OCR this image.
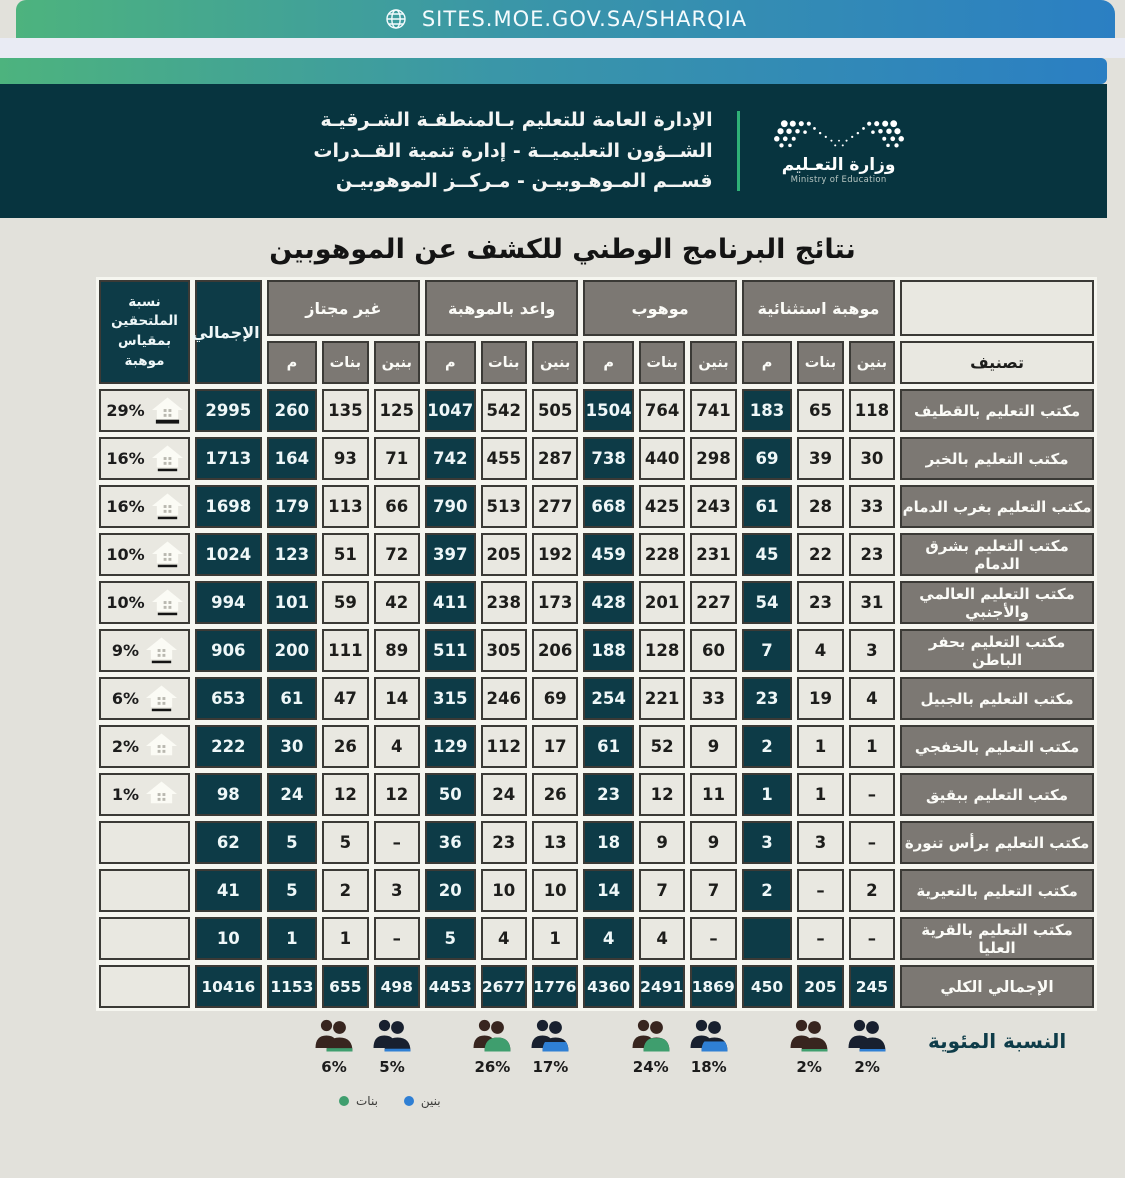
SITES.MOE.GOV.SA/SHARQIA
وزارة التعـليم
Ministry of Education
الإدارة العامة للتعليم بـالمنطقـة الشـرقيـة
الشــؤون التعليميــة - إدارة تنمية القــدرات
قســم المـوهـوبيـن - مـركــز الموهوبيـن
نتائج البرنامج الوطني للكشف عن الموهوبين
	موهبة استثنائية			موهوب			واعد بالموهبة			غير مجتاز			الإجمالي	نسبة الملتحقين بمقياس موهبة
تصنيف	بنين	بنات	م	بنين	بنات	م	بنين	بنات	م	بنين	بنات	م		
مكتب التعليم بالقطيف	118	65	183	741	764	1504	505	542	1047	125	135	260	2995	29%

مكتب التعليم بالخبر	30	39	69	298	440	738	287	455	742	71	93	164	1713	16%

مكتب التعليم بغرب الدمام	33	28	61	243	425	668	277	513	790	66	113	179	1698	16%

مكتب التعليم بشرق الدمام	23	22	45	231	228	459	192	205	397	72	51	123	1024	10%

مكتب التعليم العالمي والأجنبي	31	23	54	227	201	428	173	238	411	42	59	101	994	10%

مكتب التعليم بحفر الباطن	3	4	7	60	128	188	206	305	511	89	111	200	906	9%

مكتب التعليم بالجبيل	4	19	23	33	221	254	69	246	315	14	47	61	653	6%

مكتب التعليم بالخفجي	1	1	2	9	52	61	17	112	129	4	26	30	222	2%

مكتب التعليم ببقيق	–	1	1	11	12	23	26	24	50	12	12	24	98	1%

مكتب التعليم برأس تنورة	–	3	3	9	9	18	13	23	36	–	5	5	62	
مكتب التعليم بالنعيرية	2	–	2	7	7	14	10	10	20	3	2	5	41	
مكتب التعليم بالقرية العليا	–	–		–	4	4	1	4	5	–	1	1	10	
الإجمالي الكلي	245	205	450	1869	2491	4360	1776	2677	4453	498	655	1153	10416	
النسبة المئوية	
2%
2%

18%
24%

17%
26%

5%
6%

بنين
بنات
